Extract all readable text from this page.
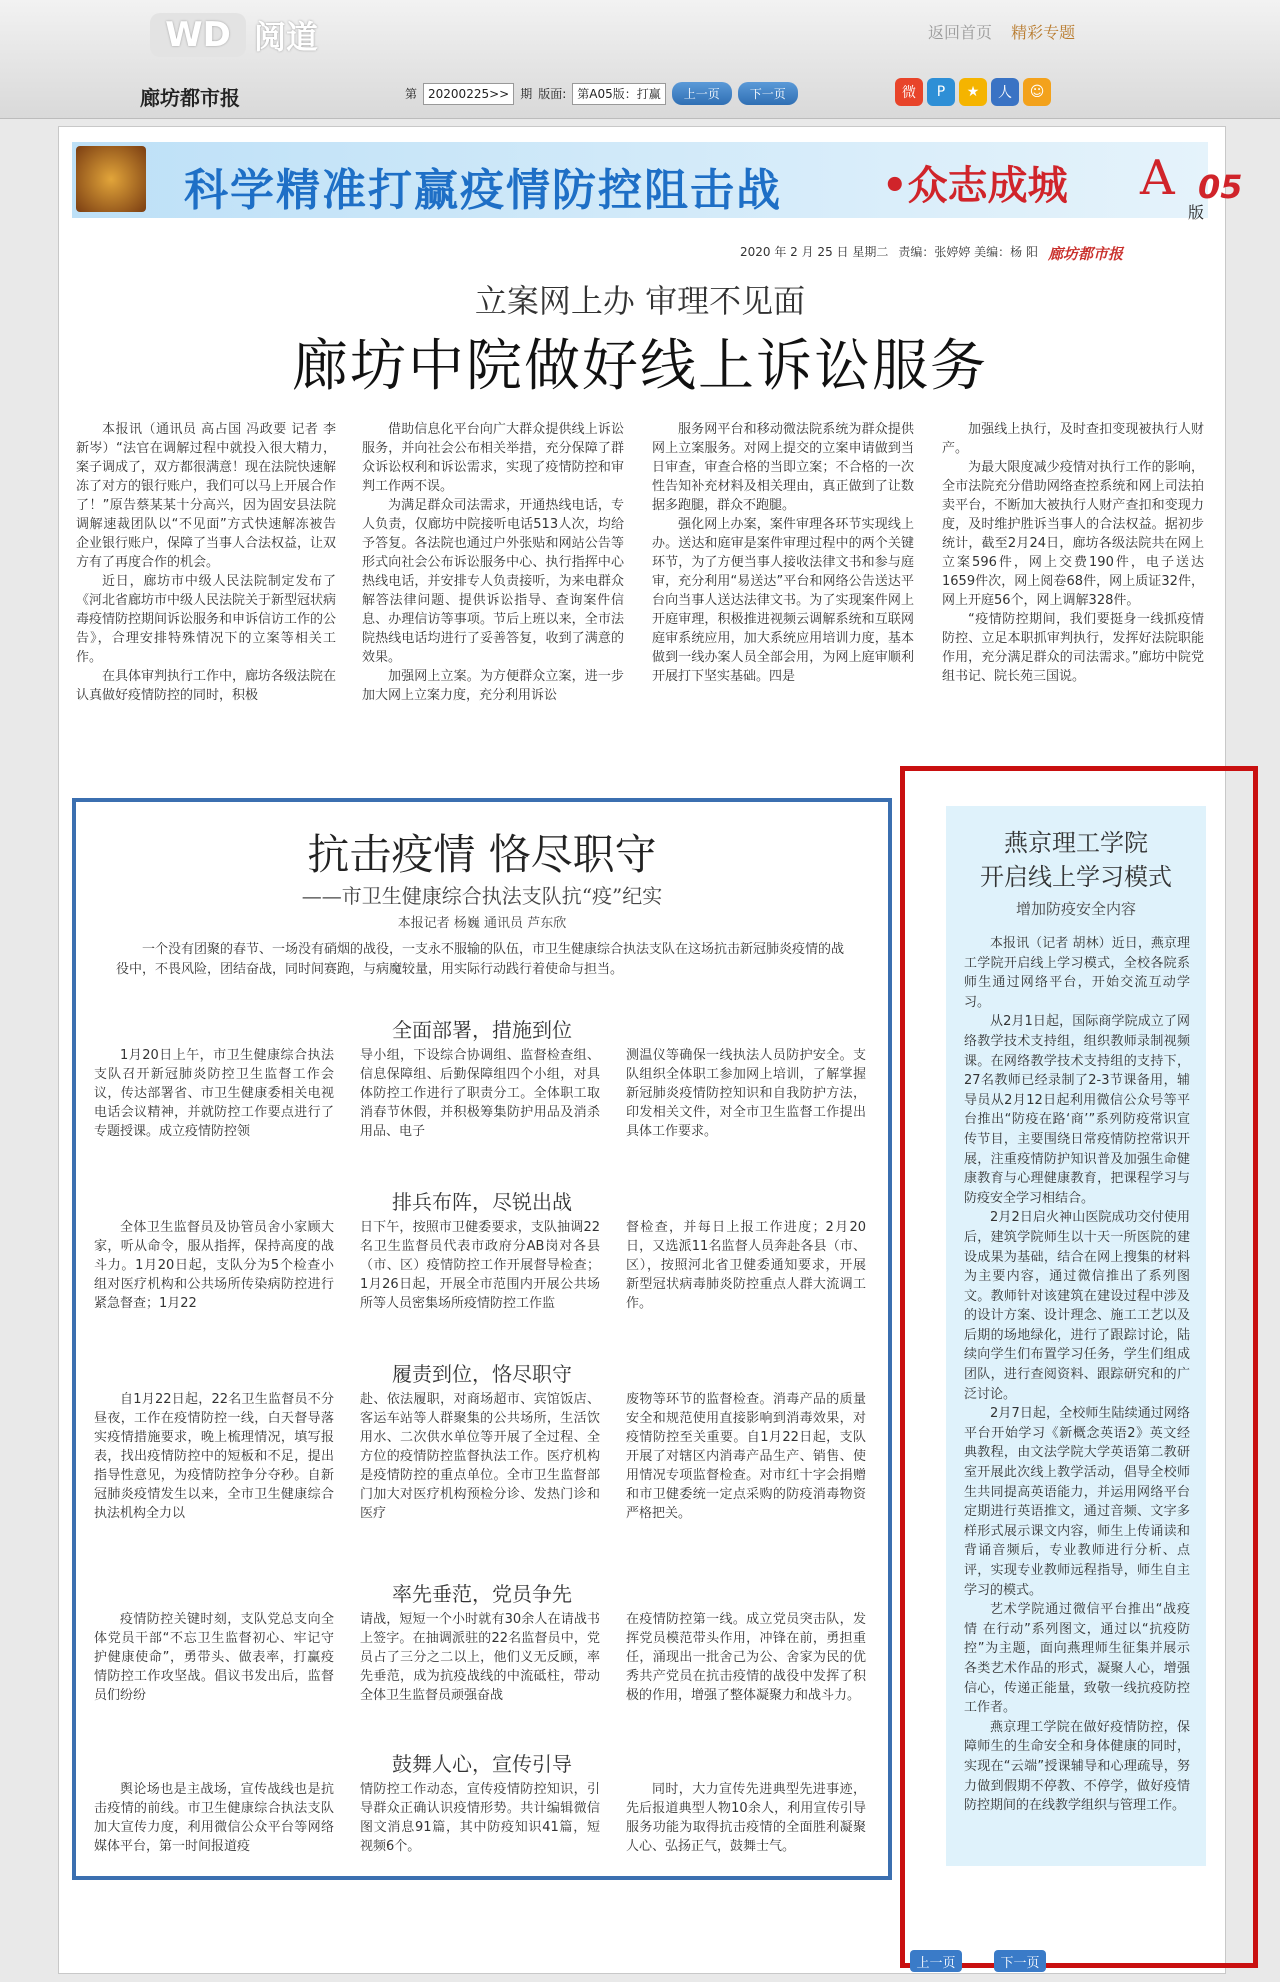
WD 阅道	返回首页 精彩专题
廊坊都市报	第 20200225>> 期 版面: 第A05版：打赢	上一页	下一页	微	P	★	人	☺
科学精准打赢疫情防控阻击战	•众志成城 A 05
版
2020 年 2 月 25 日 星期二 责编：张婷婷 美编：杨 阳 廊坊都市报
立案网上办 审理不见面
廊坊中院做好线上诉讼服务

本报讯（通讯员 高占国 冯政要 记者 李新岑）“法官在调解过程中就投入很大精力，案子调成了，双方都很满意！现在法院快速解冻了对方的银行账户，我们可以马上开展合作了！”原告蔡某某十分高兴，因为固安县法院调解速裁团队以“不见面”方式快速解冻被告企业银行账户，保障了当事人合法权益，让双方有了再度合作的机会。

近日，廊坊市中级人民法院制定发布了《河北省廊坊市中级人民法院关于新型冠状病毒疫情防控期间诉讼服务和申诉信访工作的公告》，合理安排特殊情况下的立案等相关工作。

在具体审判执行工作中，廊坊各级法院在认真做好疫情防控的同时，积极

借助信息化平台向广大群众提供线上诉讼服务，并向社会公布相关举措，充分保障了群众诉讼权利和诉讼需求，实现了疫情防控和审判工作两不误。

为满足群众司法需求，开通热线电话，专人负责，仅廊坊中院接听电话513人次，均给予答复。各法院也通过户外张贴和网站公告等形式向社会公布诉讼服务中心、执行指挥中心热线电话，并安排专人负责接听，为来电群众解答法律问题、提供诉讼指导、查询案件信息、办理信访等事项。节后上班以来，全市法院热线电话均进行了妥善答复，收到了满意的效果。

加强网上立案。为方便群众立案，进一步加大网上立案力度，充分利用诉讼

服务网平台和移动微法院系统为群众提供网上立案服务。对网上提交的立案申请做到当日审查，审查合格的当即立案；不合格的一次性告知补充材料及相关理由，真正做到了让数据多跑腿，群众不跑腿。

强化网上办案，案件审理各环节实现线上办。送达和庭审是案件审理过程中的两个关键环节，为了方便当事人接收法律文书和参与庭审，充分利用“易送达”平台和网络公告送达平台向当事人送达法律文书。为了实现案件网上开庭审理，积极推进视频云调解系统和互联网庭审系统应用，加大系统应用培训力度，基本做到一线办案人员全部会用，为网上庭审顺利开展打下坚实基础。四是

加强线上执行，及时查扣变现被执行人财产。

为最大限度减少疫情对执行工作的影响，全市法院充分借助网络查控系统和网上司法拍卖平台，不断加大被执行人财产查扣和变现力度，及时维护胜诉当事人的合法权益。据初步统计，截至2月24日，廊坊各级法院共在网上立案596件，网上交费190件，电子送达1659件次，网上阅卷68件，网上质证32件，网上开庭56个，网上调解328件。

“疫情防控期间，我们要挺身一线抓疫情防控、立足本职抓审判执行，发挥好法院职能作用，充分满足群众的司法需求。”廊坊中院党组书记、院长苑三国说。

抗击疫情 恪尽职守
——市卫生健康综合执法支队抗“疫”纪实
本报记者 杨巍 通讯员 芦东欣
一个没有团聚的春节、一场没有硝烟的战役，一支永不服输的队伍，市卫生健康综合执法支队在这场抗击新冠肺炎疫情的战役中，不畏风险，团结奋战，同时间赛跑，与病魔较量，用实际行动践行着使命与担当。
全面部署，措施到位

1月20日上午，市卫生健康综合执法支队召开新冠肺炎防控卫生监督工作会议，传达部署省、市卫生健康委相关电视电话会议精神，并就防控工作要点进行了专题授课。成立疫情防控领

导小组，下设综合协调组、监督检查组、信息保障组、后勤保障组四个小组，对具体防控工作进行了职责分工。全体职工取消春节休假，并积极筹集防护用品及消杀用品、电子

测温仪等确保一线执法人员防护安全。支队组织全体职工参加网上培训，了解掌握新冠肺炎疫情防控知识和自我防护方法，印发相关文件，对全市卫生监督工作提出具体工作要求。

排兵布阵，尽锐出战

全体卫生监督员及协管员舍小家顾大家，听从命令，服从指挥，保持高度的战斗力。1月20日起，支队分为5个检查小组对医疗机构和公共场所传染病防控进行紧急督查；1月22

日下午，按照市卫健委要求，支队抽调22名卫生监督员代表市政府分AB岗对各县（市、区）疫情防控工作开展督导检查；1月26日起，开展全市范围内开展公共场所等人员密集场所疫情防控工作监

督检查，并每日上报工作进度；2月20日，又选派11名监督人员奔赴各县（市、区），按照河北省卫健委通知要求，开展新型冠状病毒肺炎防控重点人群大流调工作。

履责到位，恪尽职守

自1月22日起，22名卫生监督员不分昼夜，工作在疫情防控一线，白天督导落实疫情措施要求，晚上梳理情况，填写报表，找出疫情防控中的短板和不足，提出指导性意见，为疫情防控争分夺秒。自新冠肺炎疫情发生以来，全市卫生健康综合执法机构全力以

赴、依法履职，对商场超市、宾馆饭店、客运车站等人群聚集的公共场所，生活饮用水、二次供水单位等开展了全过程、全方位的疫情防控监督执法工作。医疗机构是疫情防控的重点单位。全市卫生监督部门加大对医疗机构预检分诊、发热门诊和医疗

废物等环节的监督检查。消毒产品的质量安全和规范使用直接影响到消毒效果，对疫情防控至关重要。自1月22日起，支队开展了对辖区内消毒产品生产、销售、使用情况专项监督检查。对市红十字会捐赠和市卫健委统一定点采购的防疫消毒物资严格把关。

率先垂范，党员争先

疫情防控关键时刻，支队党总支向全体党员干部“不忘卫生监督初心、牢记守护健康使命”，勇带头、做表率，打赢疫情防控工作攻坚战。倡议书发出后，监督员们纷纷

请战，短短一个小时就有30余人在请战书上签字。在抽调派驻的22名监督员中，党员占了三分之二以上，他们义无反顾，率先垂范，成为抗疫战线的中流砥柱，带动全体卫生监督员顽强奋战

在疫情防控第一线。成立党员突击队，发挥党员模范带头作用，冲锋在前，勇担重任，涌现出一批舍己为公、舍家为民的优秀共产党员在抗击疫情的战役中发挥了积极的作用，增强了整体凝聚力和战斗力。

鼓舞人心，宣传引导

舆论场也是主战场，宣传战线也是抗击疫情的前线。市卫生健康综合执法支队加大宣传力度，利用微信公众平台等网络媒体平台，第一时间报道疫

情防控工作动态，宣传疫情防控知识，引导群众正确认识疫情形势。共计编辑微信图文消息91篇，其中防疫知识41篇，短视频6个。

同时，大力宣传先进典型先进事迹，先后报道典型人物10余人，利用宣传引导服务功能为取得抗击疫情的全面胜利凝聚人心、弘扬正气，鼓舞士气。

燕京理工学院
开启线上学习模式
增加防疫安全内容

本报讯（记者 胡林）近日，燕京理工学院开启线上学习模式，全校各院系师生通过网络平台，开始交流互动学习。

从2月1日起，国际商学院成立了网络教学技术支持组，组织教师录制视频课。在网络教学技术支持组的支持下，27名教师已经录制了2-3节课备用，辅导员从2月12日起利用微信公众号等平台推出“防疫在路‘商’”系列防疫常识宣传节目，主要围绕日常疫情防控常识开展，注重疫情防护知识普及加强生命健康教育与心理健康教育，把课程学习与防疫安全学习相结合。

2月2日启火神山医院成功交付使用后，建筑学院师生以十天一所医院的建设成果为基础，结合在网上搜集的材料为主要内容，通过微信推出了系列图文。教师针对该建筑在建设过程中涉及的设计方案、设计理念、施工工艺以及后期的场地绿化，进行了跟踪讨论，陆续向学生们布置学习任务，学生们组成团队，进行查阅资料、跟踪研究和的广泛讨论。

2月7日起，全校师生陆续通过网络平台开始学习《新概念英语2》英文经典教程，由文法学院大学英语第二教研室开展此次线上教学活动，倡导全校师生共同提高英语能力，并运用网络平台定期进行英语推文，通过音频、文字多样形式展示课文内容，师生上传诵读和背诵音频后，专业教师进行分析、点评，实现专业教师远程指导，师生自主学习的模式。

艺术学院通过微信平台推出“战疫情 在行动”系列图文，通过以“抗疫防控”为主题，面向燕理师生征集并展示各类艺术作品的形式，凝聚人心，增强信心，传递正能量，致敬一线抗疫防控工作者。

燕京理工学院在做好疫情防控，保障师生的生命安全和身体健康的同时，实现在“云端”授课辅导和心理疏导，努力做到假期不停教、不停学，做好疫情防控期间的在线教学组织与管理工作。

上一页	下一页
